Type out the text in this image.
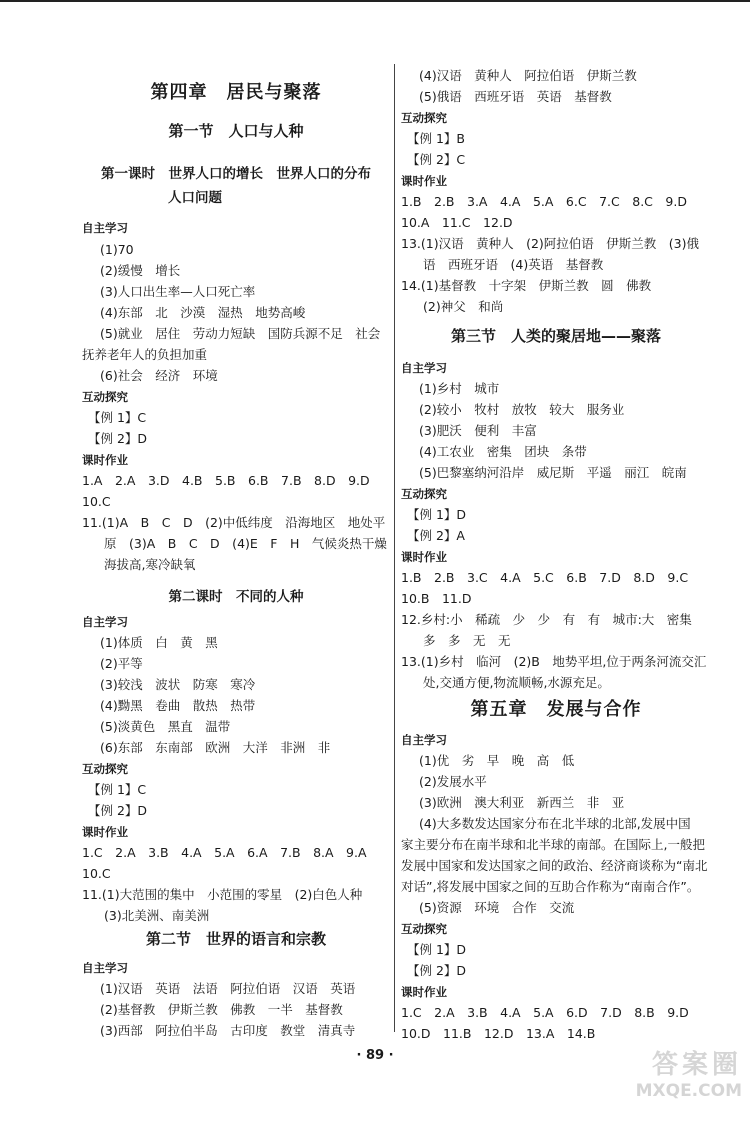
第四章　居民与聚落
第一节　人口与人种
第一课时　世界人口的增长　世界人口的分布
人口问题
自主学习
(1)70
(2)缓慢　增长
(3)人口出生率—人口死亡率
(4)东部　北　沙漠　湿热　地势高峻
(5)就业　居住　劳动力短缺　国防兵源不足　社会
抚养老年人的负担加重
(6)社会　经济　环境
互动探究
【例 1】C
【例 2】D
课时作业
1.A　2.A　3.D　4.B　5.B　6.B　7.B　8.D　9.D
10.C
11.(1)A　B　C　D　(2)中低纬度　沿海地区　地处平
原　(3)A　B　C　D　(4)E　F　H　气候炎热干燥
海拔高,寒冷缺氧
第二课时　不同的人种
自主学习
(1)体质　白　黄　黑
(2)平等
(3)较浅　波状　防寒　寒冷
(4)黝黑　卷曲　散热　热带
(5)淡黄色　黑直　温带
(6)东部　东南部　欧洲　大洋　非洲　非
互动探究
【例 1】C
【例 2】D
课时作业
1.C　2.A　3.B　4.A　5.A　6.A　7.B　8.A　9.A
10.C
11.(1)大范围的集中　小范围的零星　(2)白色人种
(3)北美洲、南美洲
第二节　世界的语言和宗教
自主学习
(1)汉语　英语　法语　阿拉伯语　汉语　英语
(2)基督教　伊斯兰教　佛教　一半　基督教
(3)西部　阿拉伯半岛　古印度　教堂　清真寺
(4)汉语　黄种人　阿拉伯语　伊斯兰教
(5)俄语　西班牙语　英语　基督教
互动探究
【例 1】B
【例 2】C
课时作业
1.B　2.B　3.A　4.A　5.A　6.C　7.C　8.C　9.D
10.A　11.C　12.D
13.(1)汉语　黄种人　(2)阿拉伯语　伊斯兰教　(3)俄
语　西班牙语　(4)英语　基督教
14.(1)基督教　十字架　伊斯兰教　圆　佛教
(2)神父　和尚
第三节　人类的聚居地——聚落
自主学习
(1)乡村　城市
(2)较小　牧村　放牧　较大　服务业
(3)肥沃　便利　丰富
(4)工农业　密集　团块　条带
(5)巴黎塞纳河沿岸　威尼斯　平遥　丽江　皖南
互动探究
【例 1】D
【例 2】A
课时作业
1.B　2.B　3.C　4.A　5.C　6.B　7.D　8.D　9.C
10.B　11.D
12.乡村:小　稀疏　少　少　有　有　城市:大　密集
多　多　无　无
13.(1)乡村　临河　(2)B　地势平坦,位于两条河流交汇
处,交通方便,物流顺畅,水源充足。
第五章　发展与合作
自主学习
(1)优　劣　早　晚　高　低
(2)发展水平
(3)欧洲　澳大利亚　新西兰　非　亚
(4)大多数发达国家分布在北半球的北部,发展中国
家主要分布在南半球和北半球的南部。在国际上,一般把
发展中国家和发达国家之间的政治、经济商谈称为“南北
对话”,将发展中国家之间的互助合作称为“南南合作”。
(5)资源　环境　合作　交流
互动探究
【例 1】D
【例 2】D
课时作业
1.C　2.A　3.B　4.A　5.A　6.D　7.D　8.B　9.D
10.D　11.B　12.D　13.A　14.B
· 89 ·	答案圈
MXQE.COM
